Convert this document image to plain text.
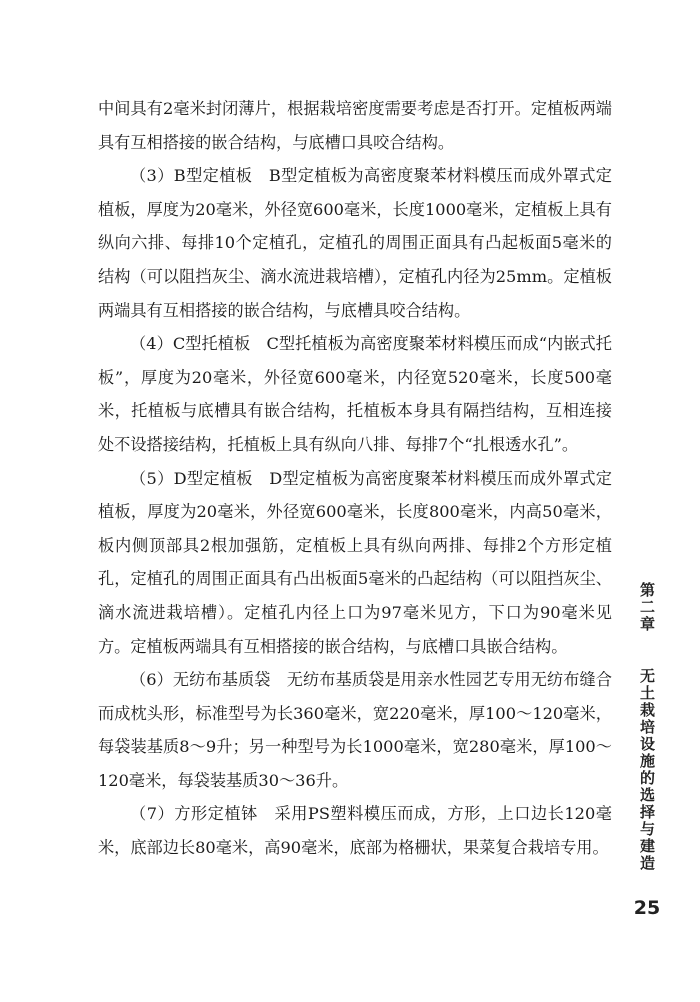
中间具有2毫米封闭薄片，根据栽培密度需要考虑是否打开。定植板两端具有互相搭接的嵌合结构，与底槽口具咬合结构。

（3）B型定植板　B型定植板为高密度聚苯材料模压而成外罩式定植板，厚度为20毫米，外径宽600毫米，长度1000毫米，定植板上具有纵向六排、每排10个定植孔，定植孔的周围正面具有凸起板面5毫米的结构（可以阻挡灰尘、滴水流进栽培槽），定植孔内径为25mm。定植板两端具有互相搭接的嵌合结构，与底槽具咬合结构。

（4）C型托植板　C型托植板为高密度聚苯材料模压而成“内嵌式托板”，厚度为20毫米，外径宽600毫米，内径宽520毫米，长度500毫米，托植板与底槽具有嵌合结构，托植板本身具有隔挡结构，互相连接处不设搭接结构，托植板上具有纵向八排、每排7个“扎根透水孔”。

（5）D型定植板　D型定植板为高密度聚苯材料模压而成外罩式定植板，厚度为20毫米，外径宽600毫米，长度800毫米，内高50毫米，板内侧顶部具2根加强筋，定植板上具有纵向两排、每排2个方形定植孔，定植孔的周围正面具有凸出板面5毫米的凸起结构（可以阻挡灰尘、滴水流进栽培槽）。定植孔内径上口为97毫米见方，下口为90毫米见方。定植板两端具有互相搭接的嵌合结构，与底槽口具嵌合结构。

（6）无纺布基质袋　无纺布基质袋是用亲水性园艺专用无纺布缝合而成枕头形，标准型号为长360毫米，宽220毫米，厚100～120毫米，每袋装基质8～9升；另一种型号为长1000毫米，宽280毫米，厚100～120毫米，每袋装基质30～36升。

（7）方形定植钵　采用PS塑料模压而成，方形，上口边长120毫米，底部边长80毫米，高90毫米，底部为格栅状，果菜复合栽培专用。

第二章
无土栽培设施的选择与建造
25
